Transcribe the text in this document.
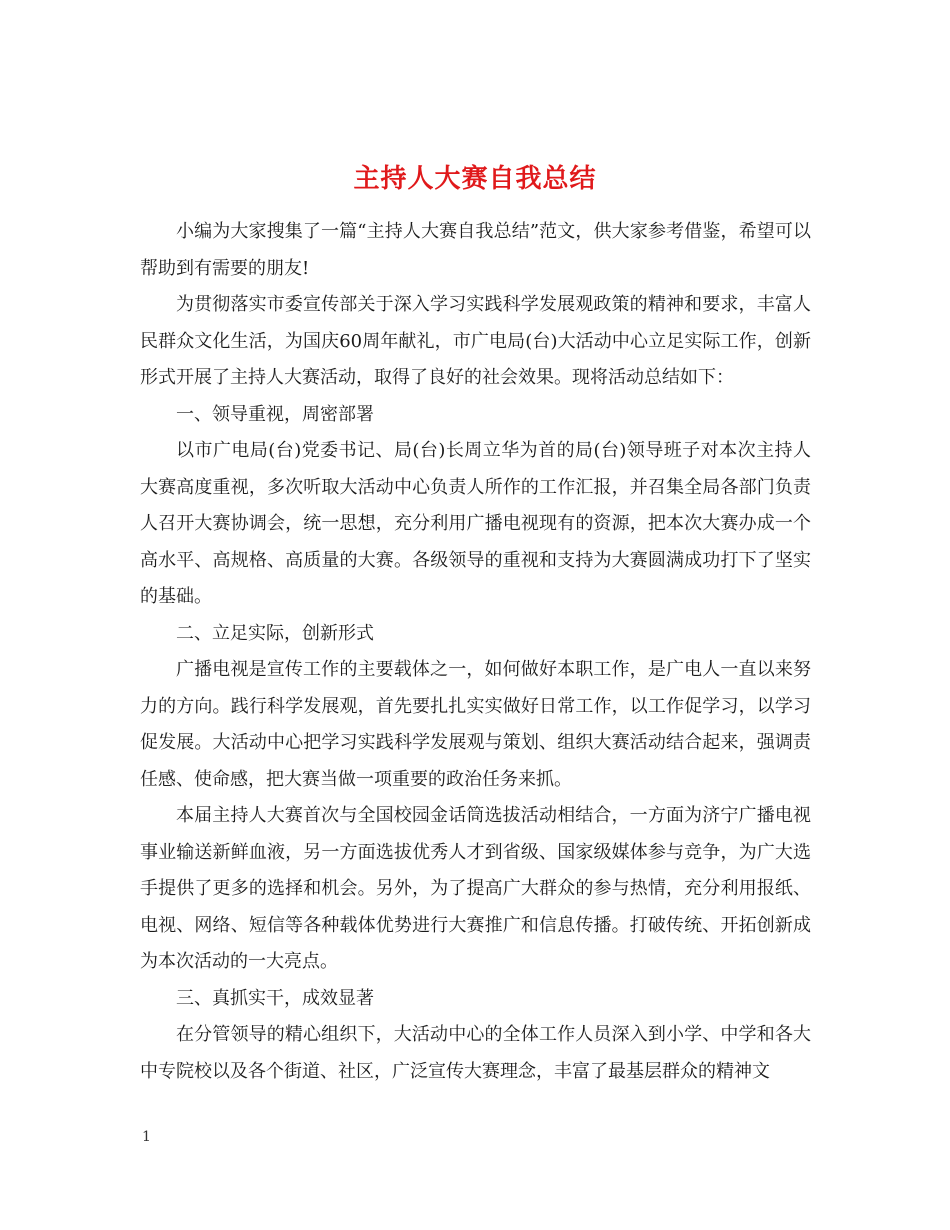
主持人大赛自我总结

小编为大家搜集了一篇“主持人大赛自我总结”范文，供大家参考借鉴，希望可以帮助到有需要的朋友!

为贯彻落实市委宣传部关于深入学习实践科学发展观政策的精神和要求，丰富人民群众文化生活，为国庆60周年献礼，市广电局(台)大活动中心立足实际工作，创新形式开展了主持人大赛活动，取得了良好的社会效果。现将活动总结如下：

一、领导重视，周密部署

以市广电局(台)党委书记、局(台)长周立华为首的局(台)领导班子对本次主持人大赛高度重视，多次听取大活动中心负责人所作的工作汇报，并召集全局各部门负责人召开大赛协调会，统一思想，充分利用广播电视现有的资源，把本次大赛办成一个高水平、高规格、高质量的大赛。各级领导的重视和支持为大赛圆满成功打下了坚实的基础。

二、立足实际，创新形式

广播电视是宣传工作的主要载体之一，如何做好本职工作，是广电人一直以来努力的方向。践行科学发展观，首先要扎扎实实做好日常工作，以工作促学习，以学习促发展。大活动中心把学习实践科学发展观与策划、组织大赛活动结合起来，强调责任感、使命感，把大赛当做一项重要的政治任务来抓。

本届主持人大赛首次与全国校园金话筒选拔活动相结合，一方面为济宁广播电视事业输送新鲜血液，另一方面选拔优秀人才到省级、国家级媒体参与竞争，为广大选手提供了更多的选择和机会。另外，为了提高广大群众的参与热情，充分利用报纸、电视、网络、短信等各种载体优势进行大赛推广和信息传播。打破传统、开拓创新成为本次活动的一大亮点。

三、真抓实干，成效显著

在分管领导的精心组织下，大活动中心的全体工作人员深入到小学、中学和各大中专院校以及各个街道、社区，广泛宣传大赛理念，丰富了最基层群众的精神文

1
